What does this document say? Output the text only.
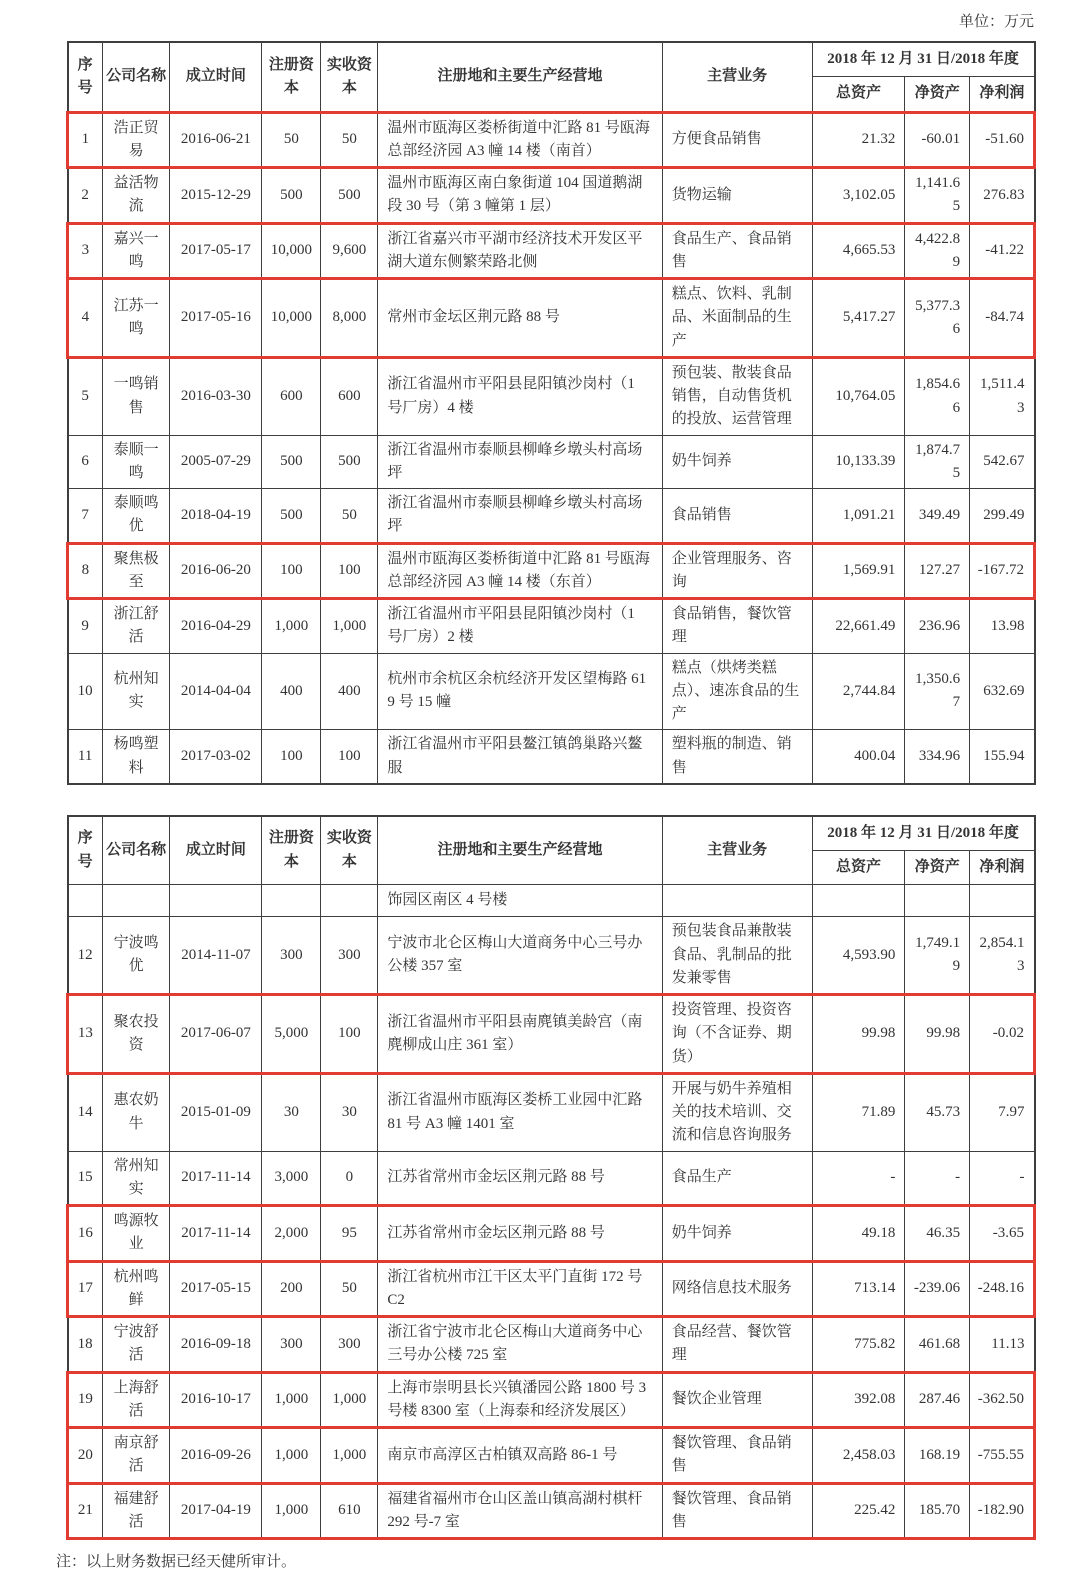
单位：万元
序号	公司名称	成立时间	注册资本	实收资本	注册地和主要生产经营地	主营业务	2018 年 12 月 31 日/2018 年度		
							总资产	净资产	净利润
1	浩正贸易	2016-06-21	50	50	温州市瓯海区娄桥街道中汇路 81 号瓯海总部经济园 A3 幢 14 楼（南首）	方便食品销售	21.32	-60.01	-51.60
2	益活物流	2015-12-29	500	500	温州市瓯海区南白象街道 104 国道鹅湖段 30 号（第 3 幢第 1 层）	货物运输	3,102.05	1,141.65	276.83
3	嘉兴一鸣	2017-05-17	10,000	9,600	浙江省嘉兴市平湖市经济技术开发区平湖大道东侧繁荣路北侧	食品生产、食品销售	4,665.53	4,422.89	-41.22
4	江苏一鸣	2017-05-16	10,000	8,000	常州市金坛区荆元路 88 号	糕点、饮料、乳制品、米面制品的生产	5,417.27	5,377.36	-84.74
5	一鸣销售	2016-03-30	600	600	浙江省温州市平阳县昆阳镇沙岗村（1 号厂房）4 楼	预包装、散装食品销售，自动售货机的投放、运营管理	10,764.05	1,854.66	1,511.43
6	泰顺一鸣	2005-07-29	500	500	浙江省温州市泰顺县柳峰乡墩头村高场坪	奶牛饲养	10,133.39	1,874.75	542.67
7	泰顺鸣优	2018-04-19	500	50	浙江省温州市泰顺县柳峰乡墩头村高场坪	食品销售	1,091.21	349.49	299.49
8	聚焦极至	2016-06-20	100	100	温州市瓯海区娄桥街道中汇路 81 号瓯海总部经济园 A3 幢 14 楼（东首）	企业管理服务、咨询	1,569.91	127.27	-167.72
9	浙江舒活	2016-04-29	1,000	1,000	浙江省温州市平阳县昆阳镇沙岗村（1 号厂房）2 楼	食品销售，餐饮管理	22,661.49	236.96	13.98
10	杭州知实	2014-04-04	400	400	杭州市余杭区余杭经济开发区望梅路 619 号 15 幢	糕点（烘烤类糕点）、速冻食品的生产	2,744.84	1,350.67	632.69
11	杨鸣塑料	2017-03-02	100	100	浙江省温州市平阳县鳌江镇鸽巢路兴鳌服	塑料瓶的制造、销售	400.04	334.96	155.94
序号	公司名称	成立时间	注册资本	实收资本	注册地和主要生产经营地	主营业务	2018 年 12 月 31 日/2018 年度		
							总资产	净资产	净利润
					饰园区南区 4 号楼				
12	宁波鸣优	2014-11-07	300	300	宁波市北仑区梅山大道商务中心三号办公楼 357 室	预包装食品兼散装食品、乳制品的批发兼零售	4,593.90	1,749.19	2,854.13
13	聚农投资	2017-06-07	5,000	100	浙江省温州市平阳县南麂镇美龄宫（南麂柳成山庄 361 室）	投资管理、投资咨询（不含证券、期货）	99.98	99.98	-0.02
14	惠农奶牛	2015-01-09	30	30	浙江省温州市瓯海区娄桥工业园中汇路 81 号 A3 幢 1401 室	开展与奶牛养殖相关的技术培训、交流和信息咨询服务	71.89	45.73	7.97
15	常州知实	2017-11-14	3,000	0	江苏省常州市金坛区荆元路 88 号	食品生产	-	-	-
16	鸣源牧业	2017-11-14	2,000	95	江苏省常州市金坛区荆元路 88 号	奶牛饲养	49.18	46.35	-3.65
17	杭州鸣鲜	2017-05-15	200	50	浙江省杭州市江干区太平门直街 172 号 C2	网络信息技术服务	713.14	-239.06	-248.16
18	宁波舒活	2016-09-18	300	300	浙江省宁波市北仑区梅山大道商务中心三号办公楼 725 室	食品经营、餐饮管理	775.82	461.68	11.13
19	上海舒活	2016-10-17	1,000	1,000	上海市崇明县长兴镇潘园公路 1800 号 3 号楼 8300 室（上海泰和经济发展区）	餐饮企业管理	392.08	287.46	-362.50
20	南京舒活	2016-09-26	1,000	1,000	南京市高淳区古柏镇双高路 86-1 号	餐饮管理、食品销售	2,458.03	168.19	-755.55
21	福建舒活	2017-04-19	1,000	610	福建省福州市仓山区盖山镇高湖村棋杆 292 号-7 室	餐饮管理、食品销售	225.42	185.70	-182.90
注：以上财务数据已经天健所审计。
